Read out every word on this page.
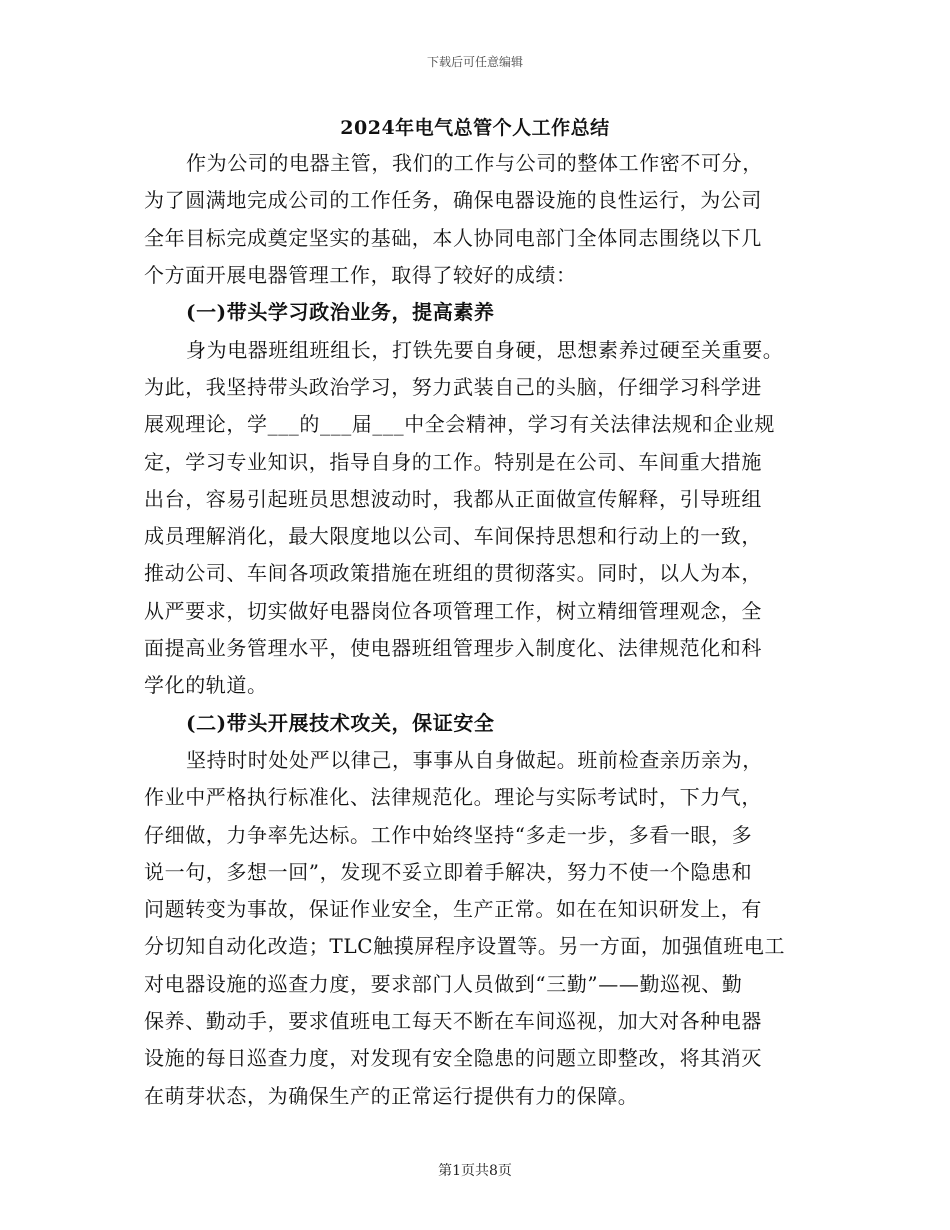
下载后可任意编辑
2024年电气总管个人工作总结
作为公司的电器主管，我们的工作与公司的整体工作密不可分，
为了圆满地完成公司的工作任务，确保电器设施的良性运行，为公司
全年目标完成奠定坚实的基础，本人协同电部门全体同志围绕以下几
个方面开展电器管理工作，取得了较好的成绩：
(一)带头学习政治业务，提高素养
身为电器班组班组长，打铁先要自身硬，思想素养过硬至关重要。
为此，我坚持带头政治学习，努力武装自己的头脑，仔细学习科学进
展观理论，学___的___届___中全会精神，学习有关法律法规和企业规
定，学习专业知识，指导自身的工作。特别是在公司、车间重大措施
出台，容易引起班员思想波动时，我都从正面做宣传解释，引导班组
成员理解消化，最大限度地以公司、车间保持思想和行动上的一致，
推动公司、车间各项政策措施在班组的贯彻落实。同时，以人为本，
从严要求，切实做好电器岗位各项管理工作，树立精细管理观念，全
面提高业务管理水平，使电器班组管理步入制度化、法律规范化和科
学化的轨道。
(二)带头开展技术攻关，保证安全
坚持时时处处严以律己，事事从自身做起。班前检查亲历亲为，
作业中严格执行标准化、法律规范化。理论与实际考试时，下力气，
仔细做，力争率先达标。工作中始终坚持“多走一步，多看一眼，多
说一句，多想一回”，发现不妥立即着手解决，努力不使一个隐患和
问题转变为事故，保证作业安全，生产正常。如在在知识研发上，有
分切知自动化改造；TLC触摸屏程序设置等。另一方面，加强值班电工
对电器设施的巡查力度，要求部门人员做到“三勤”——勤巡视、勤
保养、勤动手，要求值班电工每天不断在车间巡视，加大对各种电器
设施的每日巡查力度，对发现有安全隐患的问题立即整改，将其消灭
在萌芽状态，为确保生产的正常运行提供有力的保障。
第1页共8页
